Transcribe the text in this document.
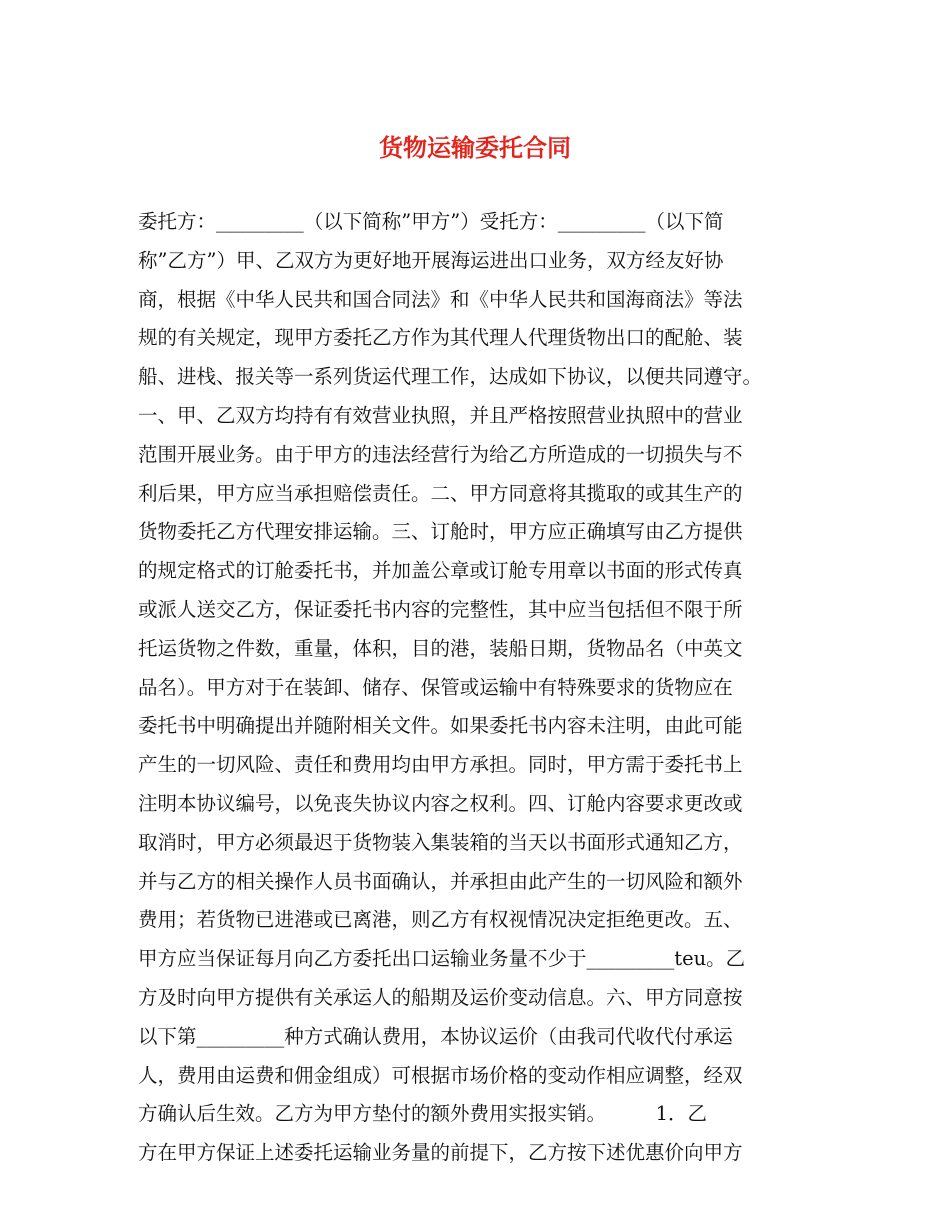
货物运输委托合同
委托方：_________（以下简称”甲方”）受托方：_________（以下简
称”乙方”）甲、乙双方为更好地开展海运进出口业务，双方经友好协
商，根据《中华人民共和国合同法》和《中华人民共和国海商法》等法
规的有关规定，现甲方委托乙方作为其代理人代理货物出口的配舱、装
船、进栈、报关等一系列货运代理工作，达成如下协议，以便共同遵守。
一、甲、乙双方均持有有效营业执照，并且严格按照营业执照中的营业
范围开展业务。由于甲方的违法经营行为给乙方所造成的一切损失与不
利后果，甲方应当承担赔偿责任。二、甲方同意将其揽取的或其生产的
货物委托乙方代理安排运输。三、订舱时，甲方应正确填写由乙方提供
的规定格式的订舱委托书，并加盖公章或订舱专用章以书面的形式传真
或派人送交乙方，保证委托书内容的完整性，其中应当包括但不限于所
托运货物之件数，重量，体积，目的港，装船日期，货物品名（中英文
品名）。甲方对于在装卸、储存、保管或运输中有特殊要求的货物应在
委托书中明确提出并随附相关文件。如果委托书内容未注明，由此可能
产生的一切风险、责任和费用均由甲方承担。同时，甲方需于委托书上
注明本协议编号，以免丧失协议内容之权利。四、订舱内容要求更改或
取消时，甲方必须最迟于货物装入集装箱的当天以书面形式通知乙方，
并与乙方的相关操作人员书面确认，并承担由此产生的一切风险和额外
费用；若货物已进港或已离港，则乙方有权视情况决定拒绝更改。五、
甲方应当保证每月向乙方委托出口运输业务量不少于_________teu。乙
方及时向甲方提供有关承运人的船期及运价变动信息。六、甲方同意按
以下第_________种方式确认费用，本协议运价（由我司代收代付承运
人，费用由运费和佣金组成）可根据市场价格的变动作相应调整，经双
方确认后生效。乙方为甲方垫付的额外费用实报实销。        1．乙
方在甲方保证上述委托运输业务量的前提下，乙方按下述优惠价向甲方
